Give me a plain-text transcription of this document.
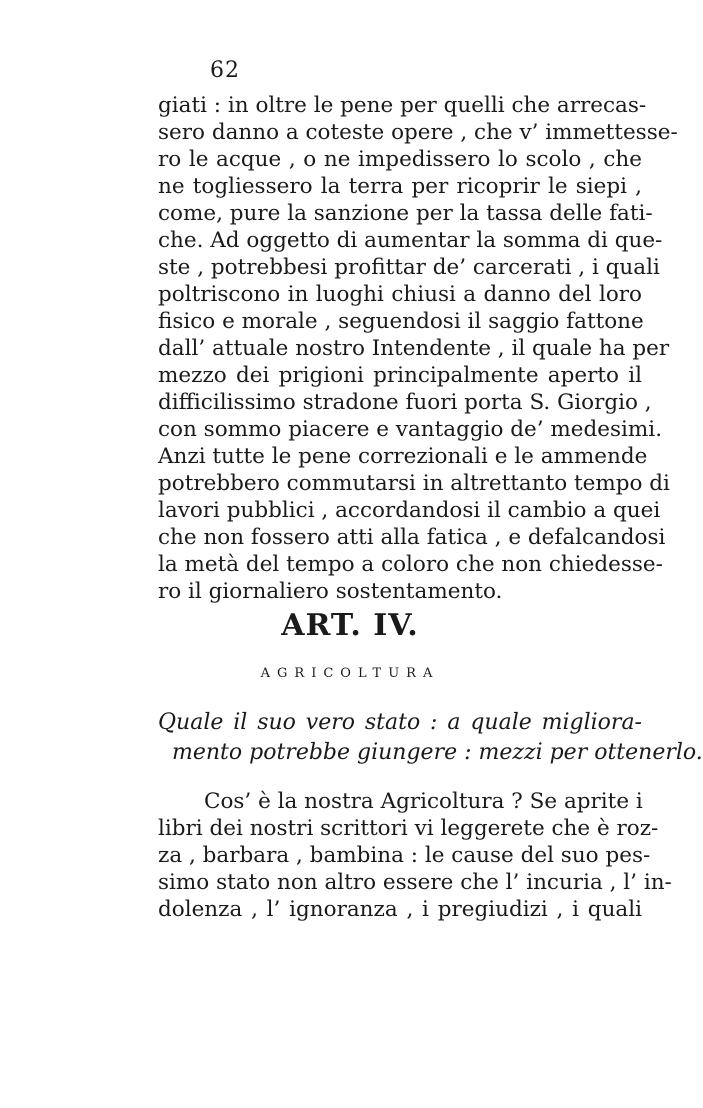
62
giati : in oltre le pene per quelli che arrecas-
sero danno a coteste opere , che v’ immettesse-
ro le acque , o ne impedissero lo scolo , che
ne togliessero la terra per ricoprir le siepi ,
come, pure la sanzione per la tassa delle fati-
che. Ad oggetto di aumentar la somma di que-
ste , potrebbesi profittar de’ carcerati , i quali
poltriscono in luoghi chiusi a danno del loro
fisico e morale , seguendosi il saggio fattone
dall’ attuale nostro Intendente , il quale ha per
mezzo dei prigioni principalmente aperto il
difficilissimo stradone fuori porta S. Giorgio ,
con sommo piacere e vantaggio de’ medesimi.
Anzi tutte le pene correzionali e le ammende
potrebbero commutarsi in altrettanto tempo di
lavori pubblici , accordandosi il cambio a quei
che non fossero atti alla fatica , e defalcandosi
la metà del tempo a coloro che non chiedesse-
ro il giornaliero sostentamento.
ART. IV.
AGRICOLTURA
Quale il suo vero stato : a quale migliora-
mento potrebbe giungere : mezzi per ottenerlo.
Cos’ è la nostra Agricoltura ? Se aprite i
libri dei nostri scrittori vi leggerete che è roz-
za , barbara , bambina : le cause del suo pes-
simo stato non altro essere che l’ incuria , l’ in-
dolenza , l’ ignoranza , i pregiudizi , i quali
